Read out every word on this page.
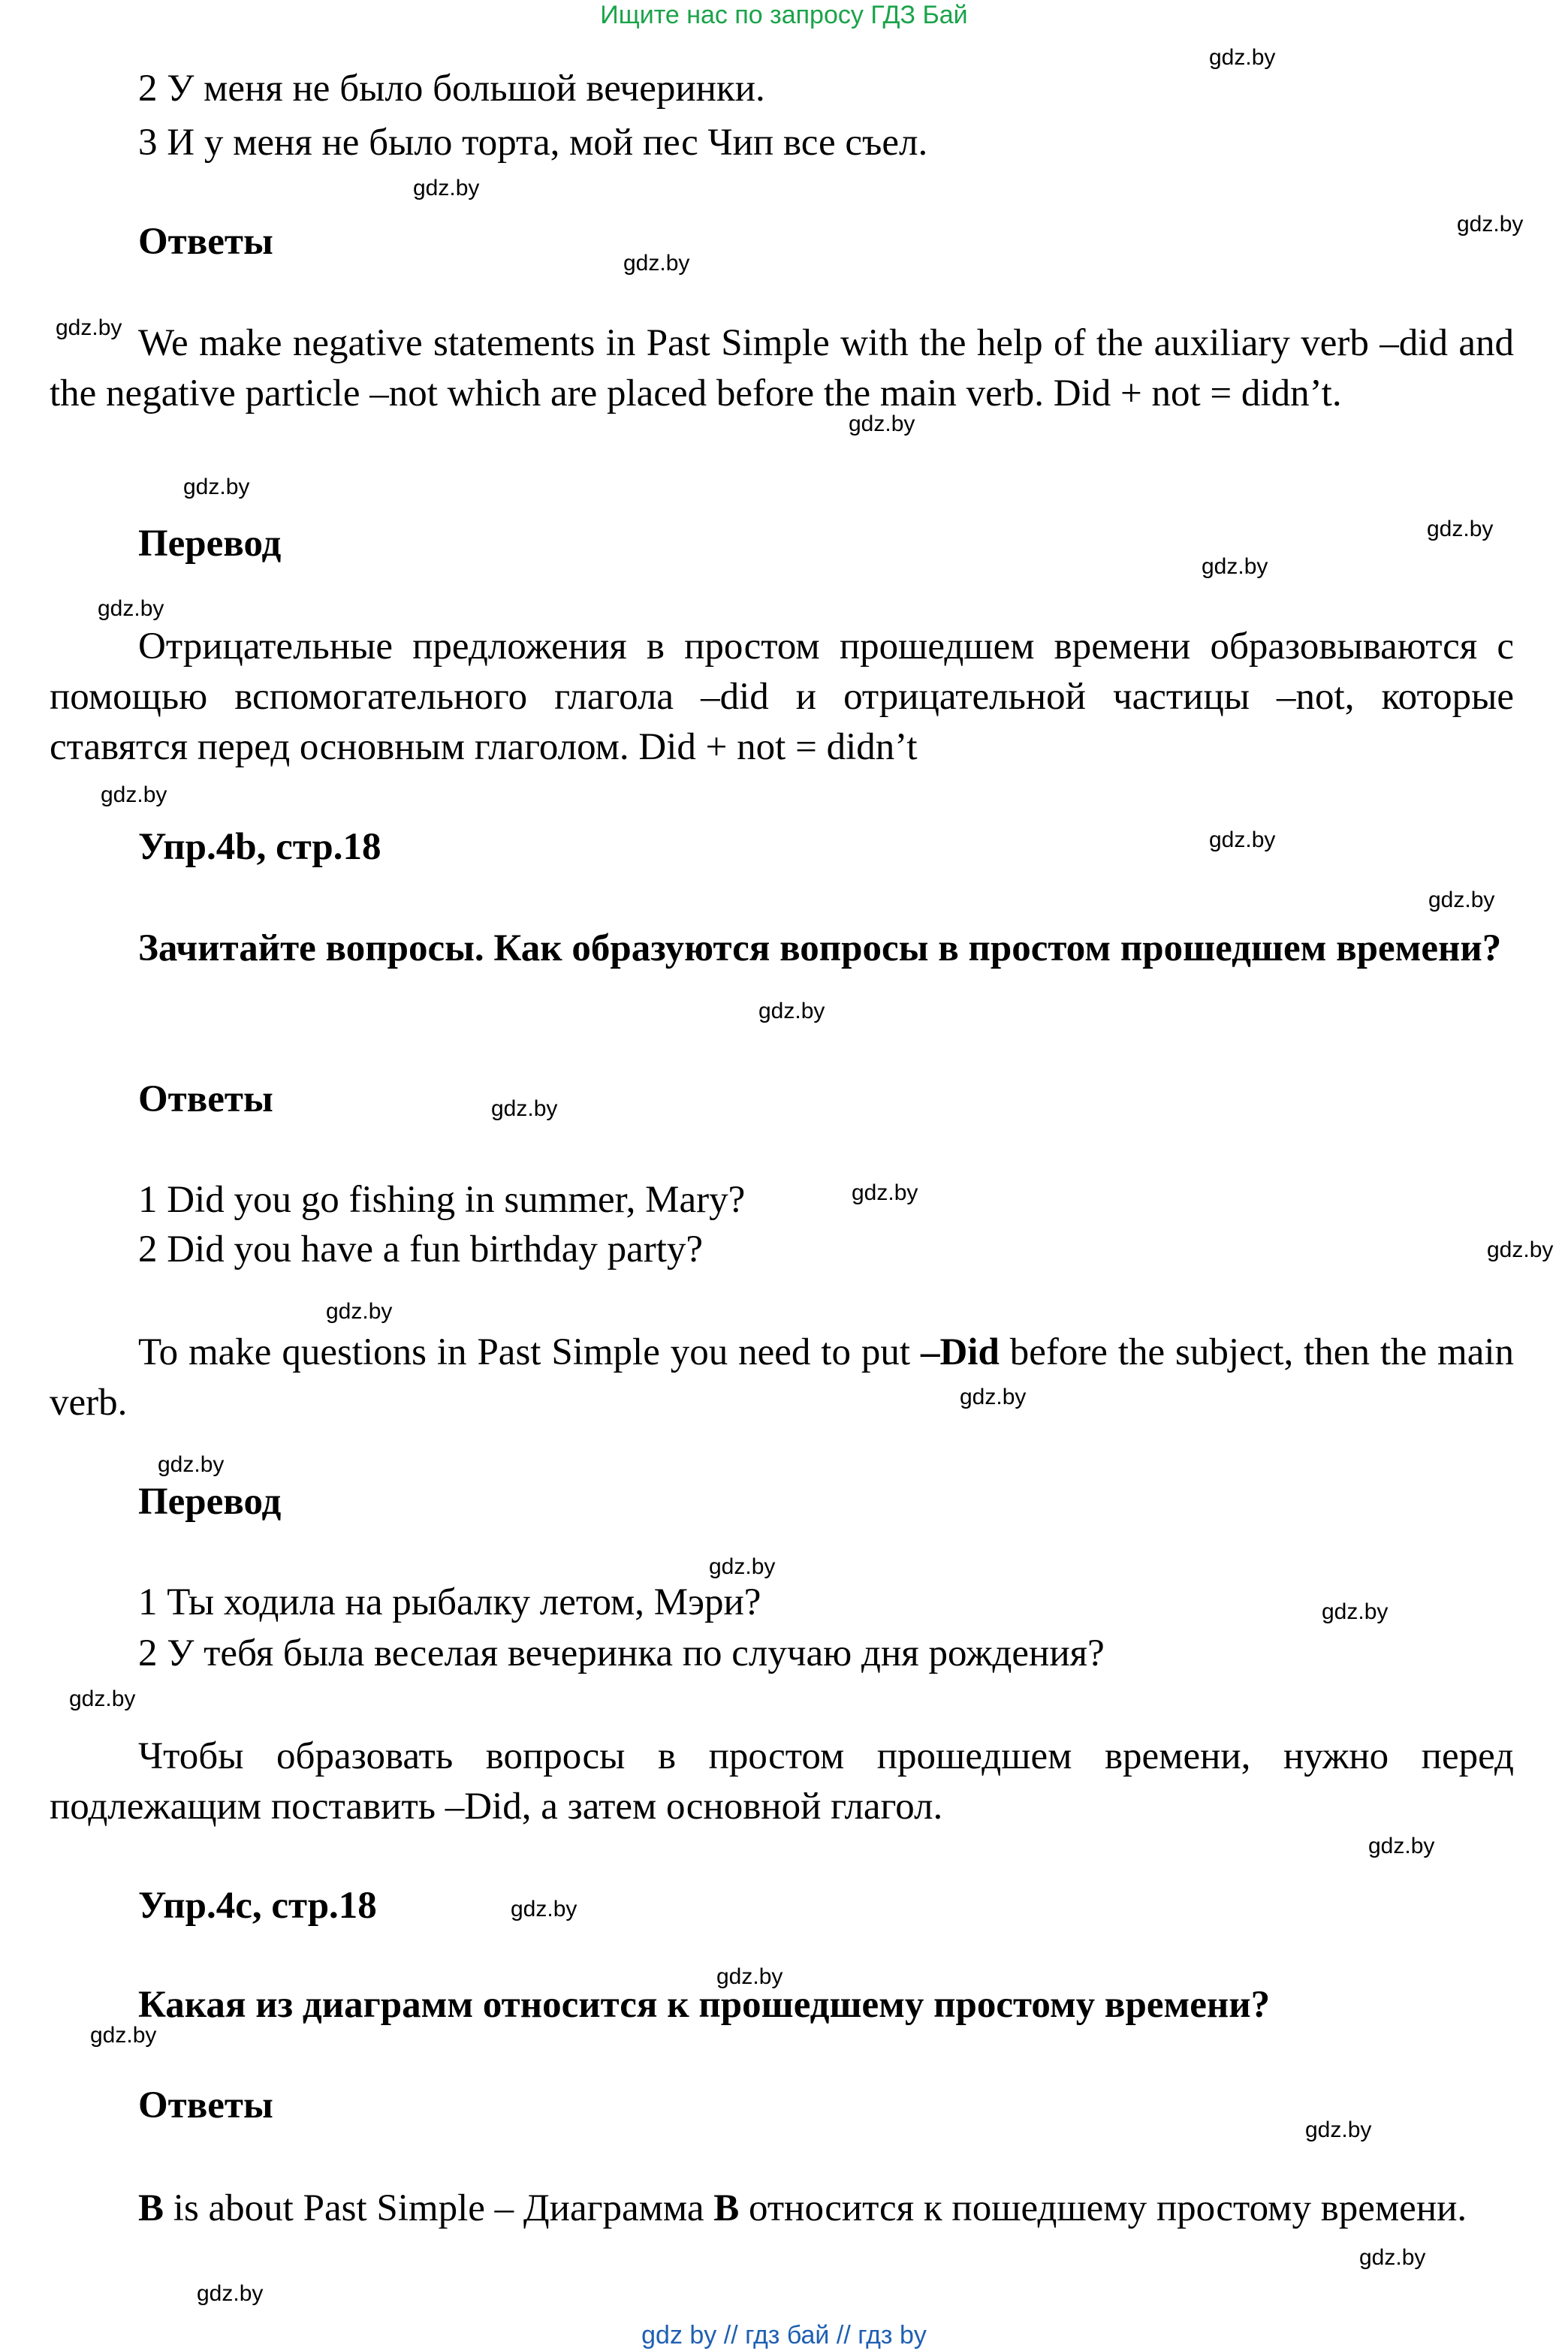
Ищите нас по запросу ГДЗ Бай
2 У меня не было большой вечеринки.
3 И у меня не было торта, мой пес Чип все съел.
Ответы
We make negative statements in Past Simple with the help of the auxiliary verb –did and the negative particle –not which are placed before the main verb. Did + not = didn’t.
Перевод
Отрицательные предложения в простом прошедшем времени образовываются с помощью вспомогательного глагола –did и отрицательной частицы –not, которые ставятся перед основным глаголом. Did + not = didn’t
Упр.4b, стр.18
Зачитайте вопросы. Как образуются вопросы в простом прошедшем времени?
Ответы
1 Did you go fishing in summer, Mary?
2 Did you have a fun birthday party?
To make questions in Past Simple you need to put –Did before the subject, then the main verb.
Перевод
1 Ты ходила на рыбалку летом, Мэри?
2 У тебя была веселая вечеринка по случаю дня рождения?
Чтобы образовать вопросы в простом прошедшем времени, нужно перед подлежащим поставить –Did, а затем основной глагол.
Упр.4c, стр.18
Какая из диаграмм относится к прошедшему простому времени?
Ответы
B is about Past Simple – Диаграмма B относится к пошедшему простому времени.
gdz.by
gdz.by
gdz.by
gdz.by
gdz.by
gdz.by
gdz.by
gdz.by
gdz.by
gdz.by
gdz.by
gdz.by
gdz.by
gdz.by
gdz.by
gdz.by
gdz.by
gdz.by
gdz.by
gdz.by
gdz.by
gdz.by
gdz.by
gdz.by
gdz.by
gdz.by
gdz.by
gdz.by
gdz.by
gdz.by
gdz by // гдз бай // гдз by
